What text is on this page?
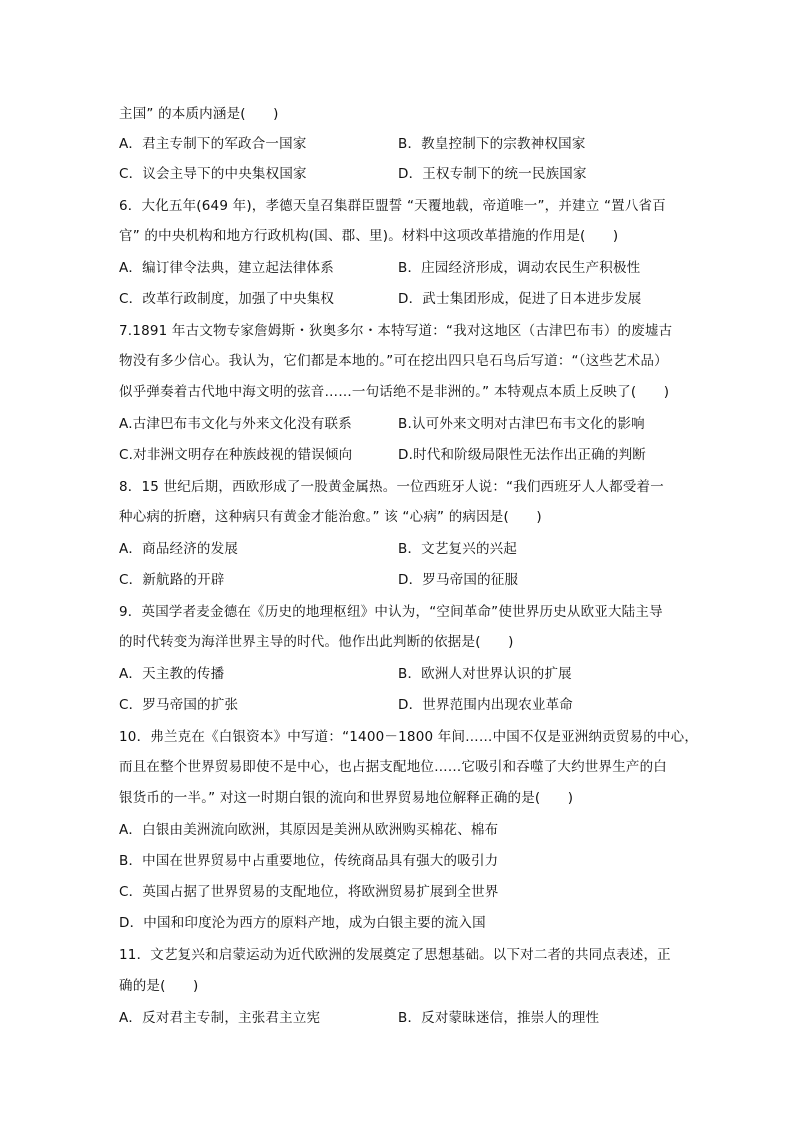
主国” 的本质内涵是(　　)
A．君主专制下的军政合一国家	B．教皇控制下的宗教神权国家
C．议会主导下的中央集权国家	D．王权专制下的统一民族国家
6．大化五年(649 年)，孝德天皇召集群臣盟誓 “天覆地载，帝道唯一”，并建立 “置八省百
官” 的中央机构和地方行政机构(国、郡、里)。材料中这项改革措施的作用是(　　)
A．编订律令法典，建立起法律体系	B．庄园经济形成，调动农民生产积极性
C．改革行政制度，加强了中央集权	D．武士集团形成，促进了日本进步发展
7.1891 年古文物专家詹姆斯・狄奥多尔・本特写道：“我对这地区（古津巴布韦）的废墟古
物没有多少信心。我认为，它们都是本地的。”可在挖出四只皂石鸟后写道：“（这些艺术品）
似乎弹奏着古代地中海文明的弦音……一句话绝不是非洲的。” 本特观点本质上反映了(　　)
A.古津巴布韦文化与外来文化没有联系	B.认可外来文明对古津巴布韦文化的影响
C.对非洲文明存在种族歧视的错误倾向	D.时代和阶级局限性无法作出正确的判断
8．15 世纪后期，西欧形成了一股黄金属热。一位西班牙人说：“我们西班牙人人都受着一
种心病的折磨，这种病只有黄金才能治愈。” 该 “心病” 的病因是(　　)
A．商品经济的发展	B．文艺复兴的兴起
C．新航路的开辟	D．罗马帝国的征服
9．英国学者麦金德在《历史的地理枢纽》中认为，“空间革命”使世界历史从欧亚大陆主导
的时代转变为海洋世界主导的时代。他作出此判断的依据是(　　)
A．天主教的传播	B．欧洲人对世界认识的扩展
C．罗马帝国的扩张	D．世界范围内出现农业革命
10．弗兰克在《白银资本》中写道：“1400－1800 年间……中国不仅是亚洲纳贡贸易的中心，
而且在整个世界贸易即使不是中心，也占据支配地位……它吸引和吞噬了大约世界生产的白
银货币的一半。” 对这一时期白银的流向和世界贸易地位解释正确的是(　　)
A．白银由美洲流向欧洲，其原因是美洲从欧洲购买棉花、棉布
B．中国在世界贸易中占重要地位，传统商品具有强大的吸引力
C．英国占据了世界贸易的支配地位，将欧洲贸易扩展到全世界
D．中国和印度沦为西方的原料产地，成为白银主要的流入国
11．文艺复兴和启蒙运动为近代欧洲的发展奠定了思想基础。以下对二者的共同点表述，正
确的是(　　)
A．反对君主专制，主张君主立宪	B．反对蒙昧迷信，推崇人的理性
